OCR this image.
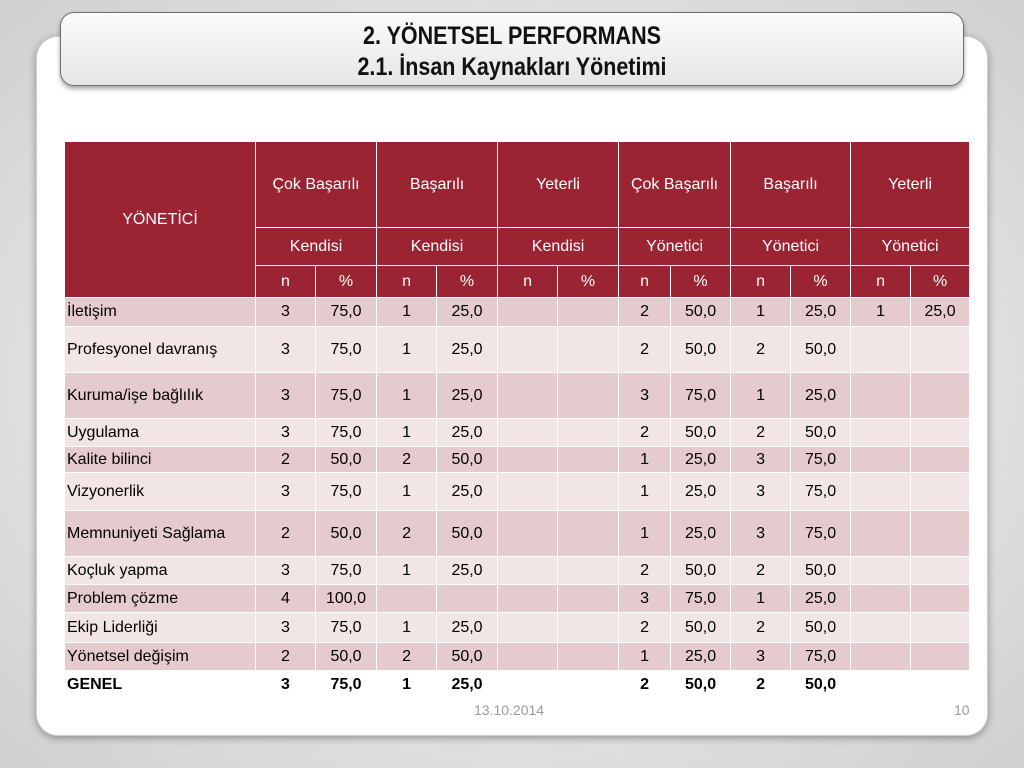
2. YÖNETSEL PERFORMANS
2.1. İnsan Kaynakları Yönetimi
YÖNETİCİ	Çok Başarılı		Başarılı		Yeterli		Çok Başarılı		Başarılı		Yeterli	
	Kendisi		Kendisi		Kendisi		Yönetici		Yönetici		Yönetici	
	n	%	n	%	n	%	n	%	n	%	n	%
İletişim	3	75,0	1	25,0			2	50,0	1	25,0	1	25,0
Profesyonel davranış	3	75,0	1	25,0			2	50,0	2	50,0		
Kuruma/işe bağlılık	3	75,0	1	25,0			3	75,0	1	25,0		
Uygulama	3	75,0	1	25,0			2	50,0	2	50,0		
Kalite bilinci	2	50,0	2	50,0			1	25,0	3	75,0		
Vizyonerlik	3	75,0	1	25,0			1	25,0	3	75,0		
Memnuniyeti Sağlama	2	50,0	2	50,0			1	25,0	3	75,0		
Koçluk yapma	3	75,0	1	25,0			2	50,0	2	50,0		
Problem çözme	4	100,0					3	75,0	1	25,0		
Ekip Liderliği	3	75,0	1	25,0			2	50,0	2	50,0		
Yönetsel değişim	2	50,0	2	50,0			1	25,0	3	75,0		
GENEL	3	75,0	1	25,0			2	50,0	2	50,0		
13.10.2014	10
